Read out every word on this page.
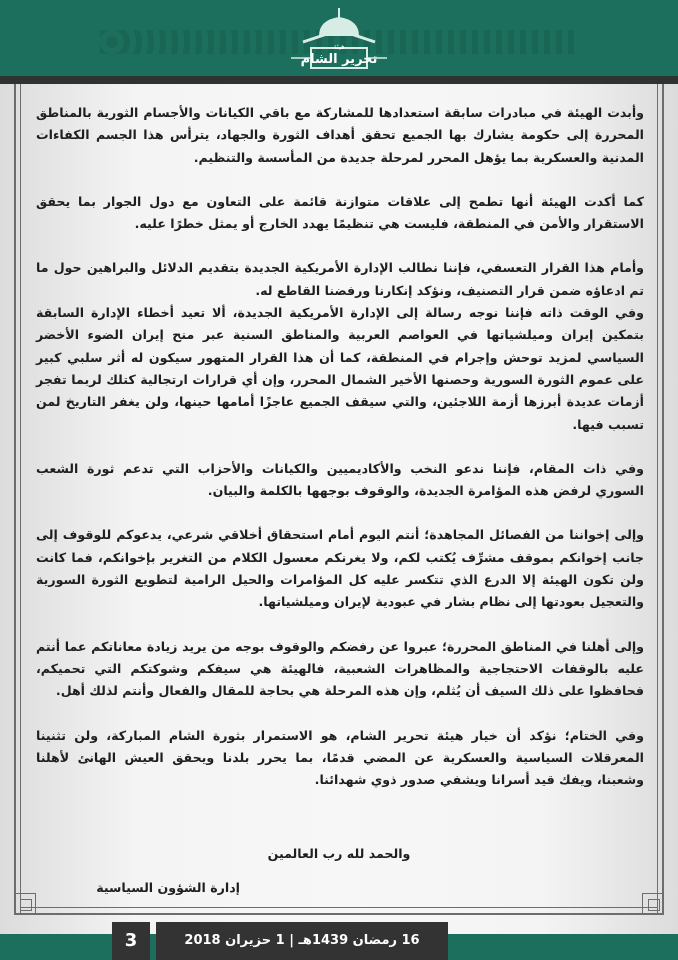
هيئة
تحرير الشام

وأبدت الهيئة في مبادرات سابقة استعدادها للمشاركة مع باقي الكيانات والأجسام الثورية بالمناطق المحررة إلى حكومة يشارك بها الجميع تحقق أهداف الثورة والجهاد، يترأس هذا الجسم الكفاءات المدنية والعسكرية بما يؤهل المحرر لمرحلة جديدة من المأسسة والتنظيم.

كما أكدت الهيئة أنها تطمح إلى علاقات متوازنة قائمة على التعاون مع دول الجوار بما يحقق الاستقرار والأمن في المنطقة، فليست هي تنظيمًا يهدد الخارج أو يمثل خطرًا عليه.

وأمام هذا القرار التعسفي، فإننا نطالب الإدارة الأمريكية الجديدة بتقديم الدلائل والبراهين حول ما تم ادعاؤه ضمن قرار التصنيف، ونؤكد إنكارنا ورفضنا القاطع له.

وفي الوقت ذاته فإننا نوجه رسالة إلى الإدارة الأمريكية الجديدة، ألا تعيد أخطاء الإدارة السابقة بتمكين إيران وميلشياتها في العواصم العربية والمناطق السنية عبر منح إيران الضوء الأخضر السياسي لمزيد توحش وإجرام في المنطقة، كما أن هذا القرار المتهور سيكون له أثر سلبي كبير على عموم الثورة السورية وحصنها الأخير الشمال المحرر، وإن أي قرارات ارتجالية كتلك لربما تفجر أزمات عديدة أبرزها أزمة اللاجئين، والتي سيقف الجميع عاجزًا أمامها حينها، ولن يغفر التاريخ لمن تسبب فيها.

وفي ذات المقام، فإننا ندعو النخب والأكاديميين والكيانات والأحزاب التي تدعم ثورة الشعب السوري لرفض هذه المؤامرة الجديدة، والوقوف بوجهها بالكلمة والبيان.

وإلى إخواننا من الفصائل المجاهدة؛ أنتم اليوم أمام استحقاق أخلاقي شرعي، يدعوكم للوقوف إلى جانب إخوانكم بموقف مشرِّف يُكتب لكم، ولا يغرنكم معسول الكلام من التغرير بإخوانكم، فما كانت ولن تكون الهيئة إلا الدرع الذي تتكسر عليه كل المؤامرات والحيل الرامية لتطويع الثورة السورية والتعجيل بعودتها إلى نظام بشار في عبودية لإيران وميلشياتها.

وإلى أهلنا في المناطق المحررة؛ عبروا عن رفضكم والوقوف بوجه من يريد زيادة معاناتكم عما أنتم عليه بالوقفات الاحتجاجية والمظاهرات الشعبية، فالهيئة هي سيفكم وشوكتكم التي تحميكم، فحافظوا على ذلك السيف أن يُثلم، وإن هذه المرحلة هي بحاجة للمقال والفعال وأنتم لذلك أهل.

وفي الختام؛ نؤكد أن خيار هيئة تحرير الشام، هو الاستمرار بثورة الشام المباركة، ولن تثنينا المعرقلات السياسية والعسكرية عن المضي قدمًا، بما يحرر بلدنا ويحقق العيش الهانئ لأهلنا وشعبنا، ويفك قيد أسرانا ويشفي صدور ذوي شهدائنا.

والحمد لله رب العالمين
إدارة الشؤون السياسية
3	16 رمضان 1439هـ | 1 حزيران 2018
